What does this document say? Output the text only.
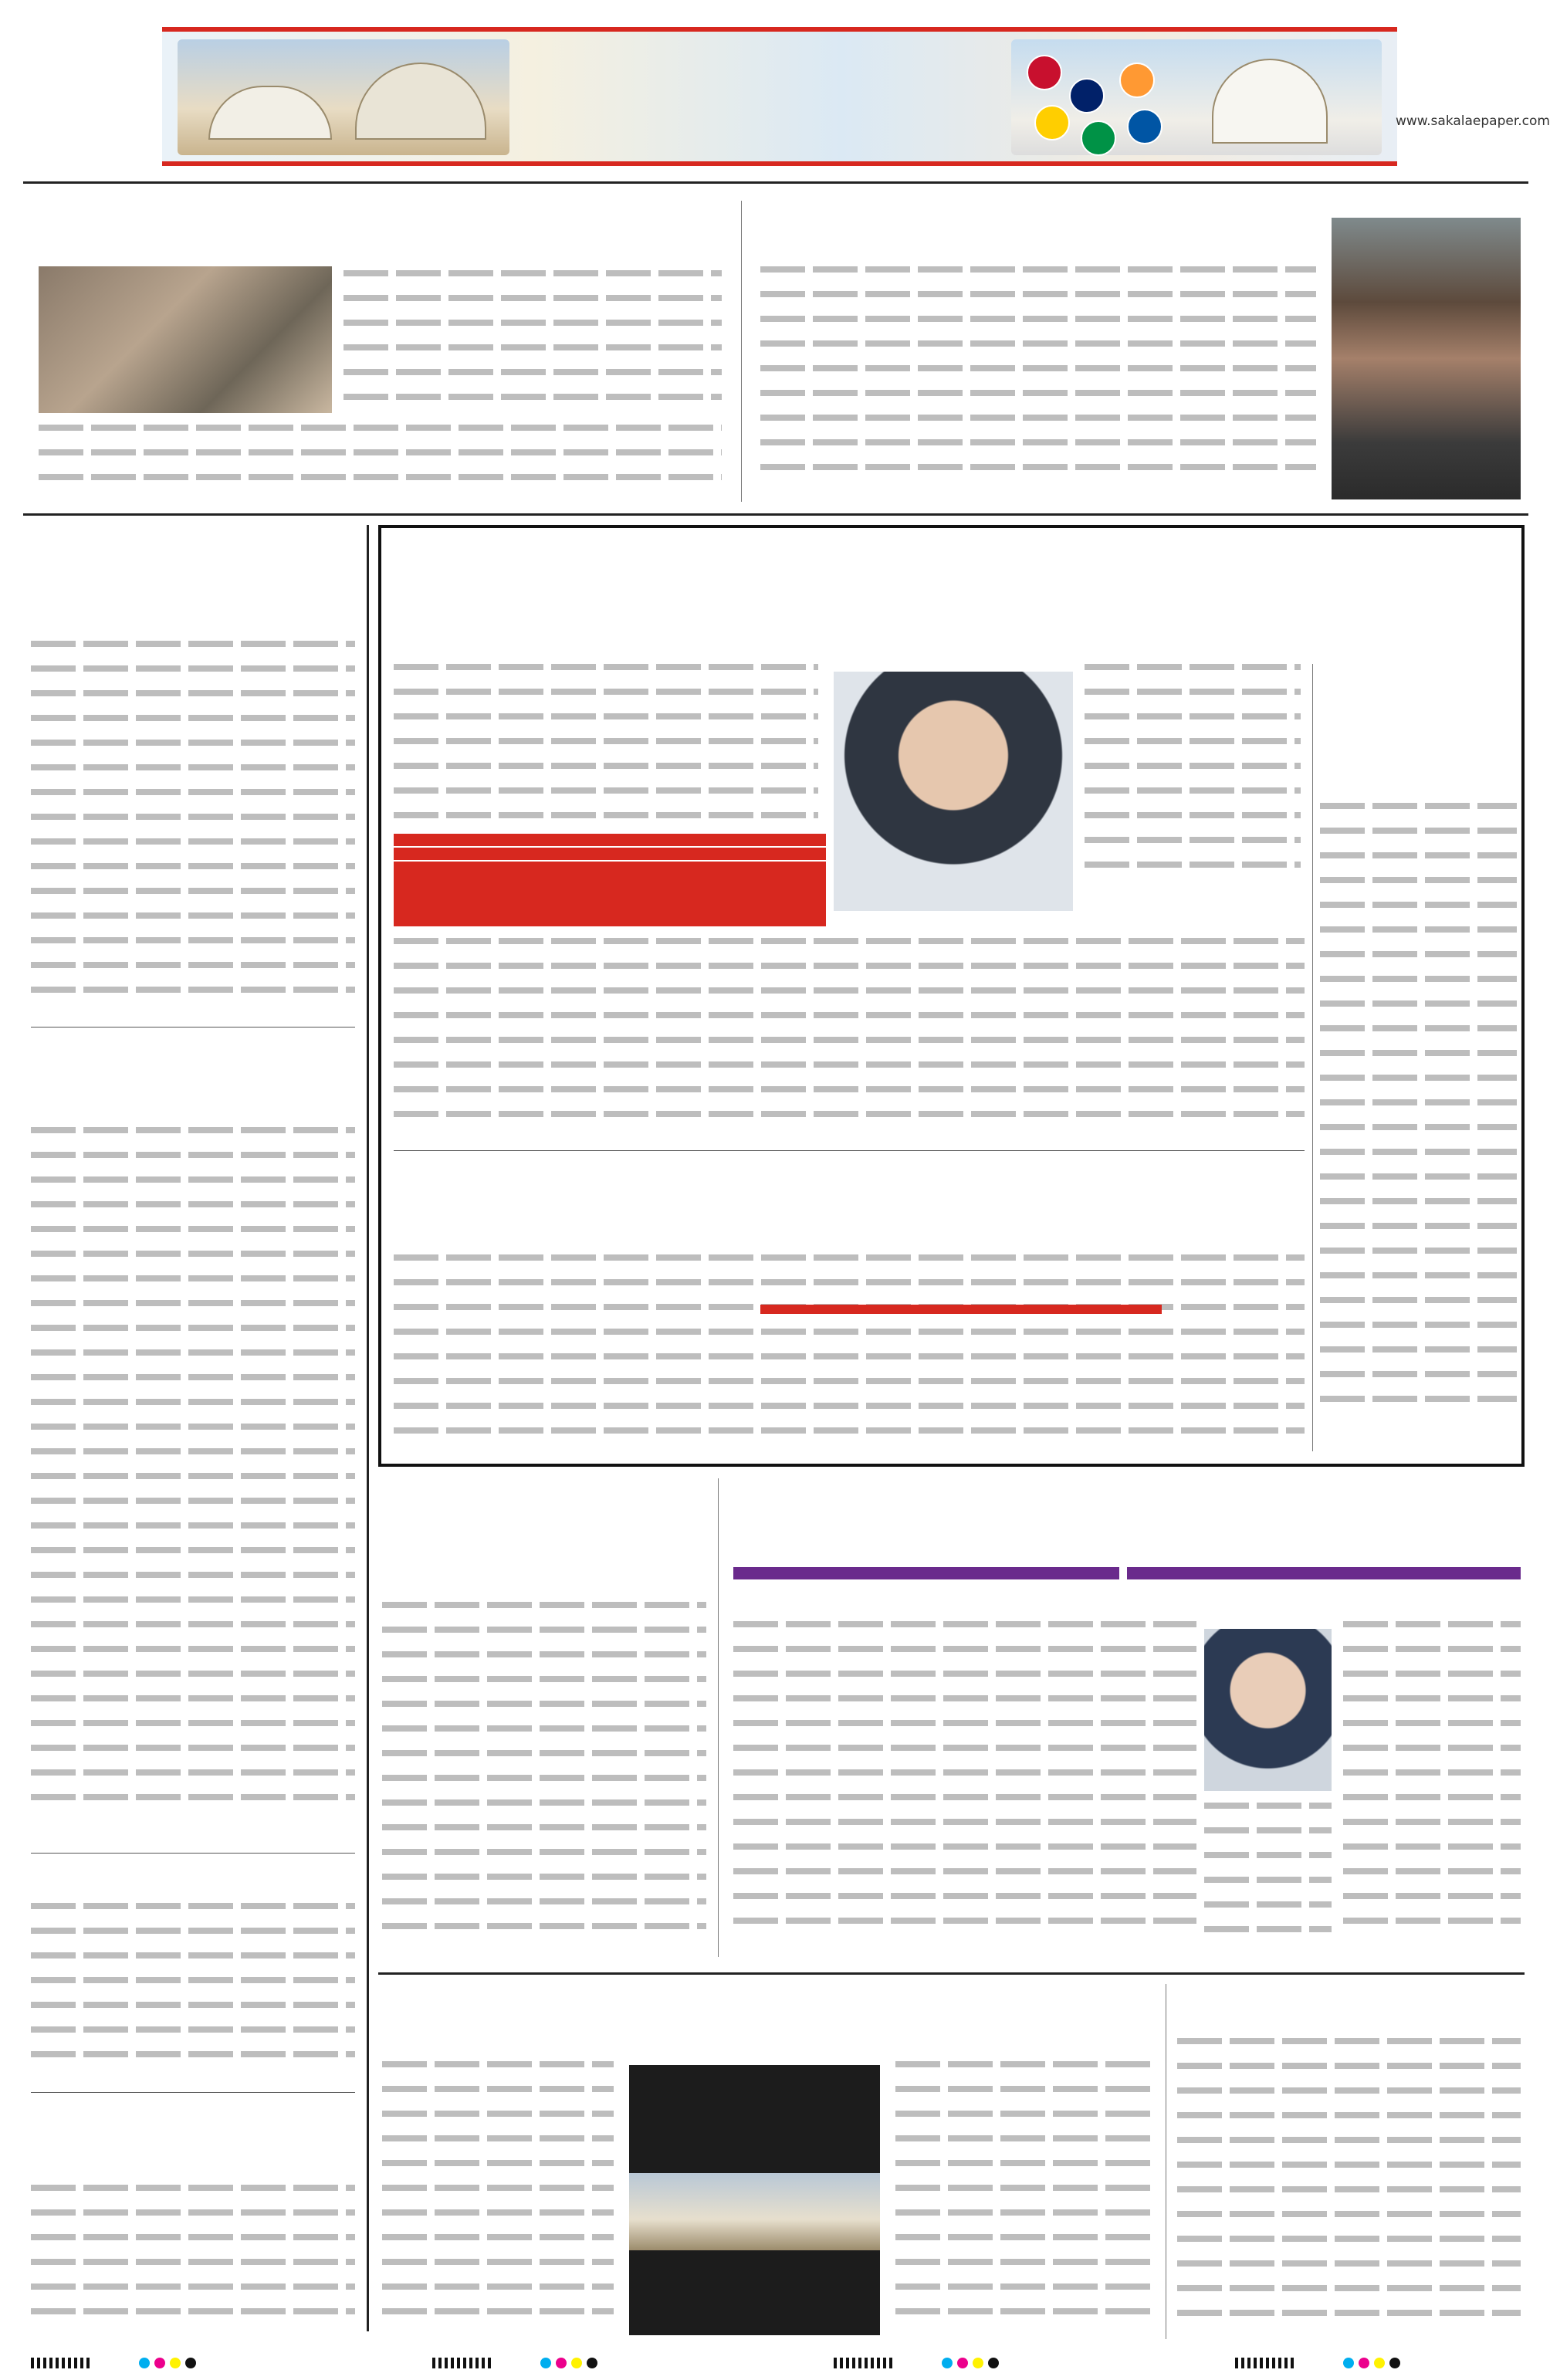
www.sakalaepaper.com
